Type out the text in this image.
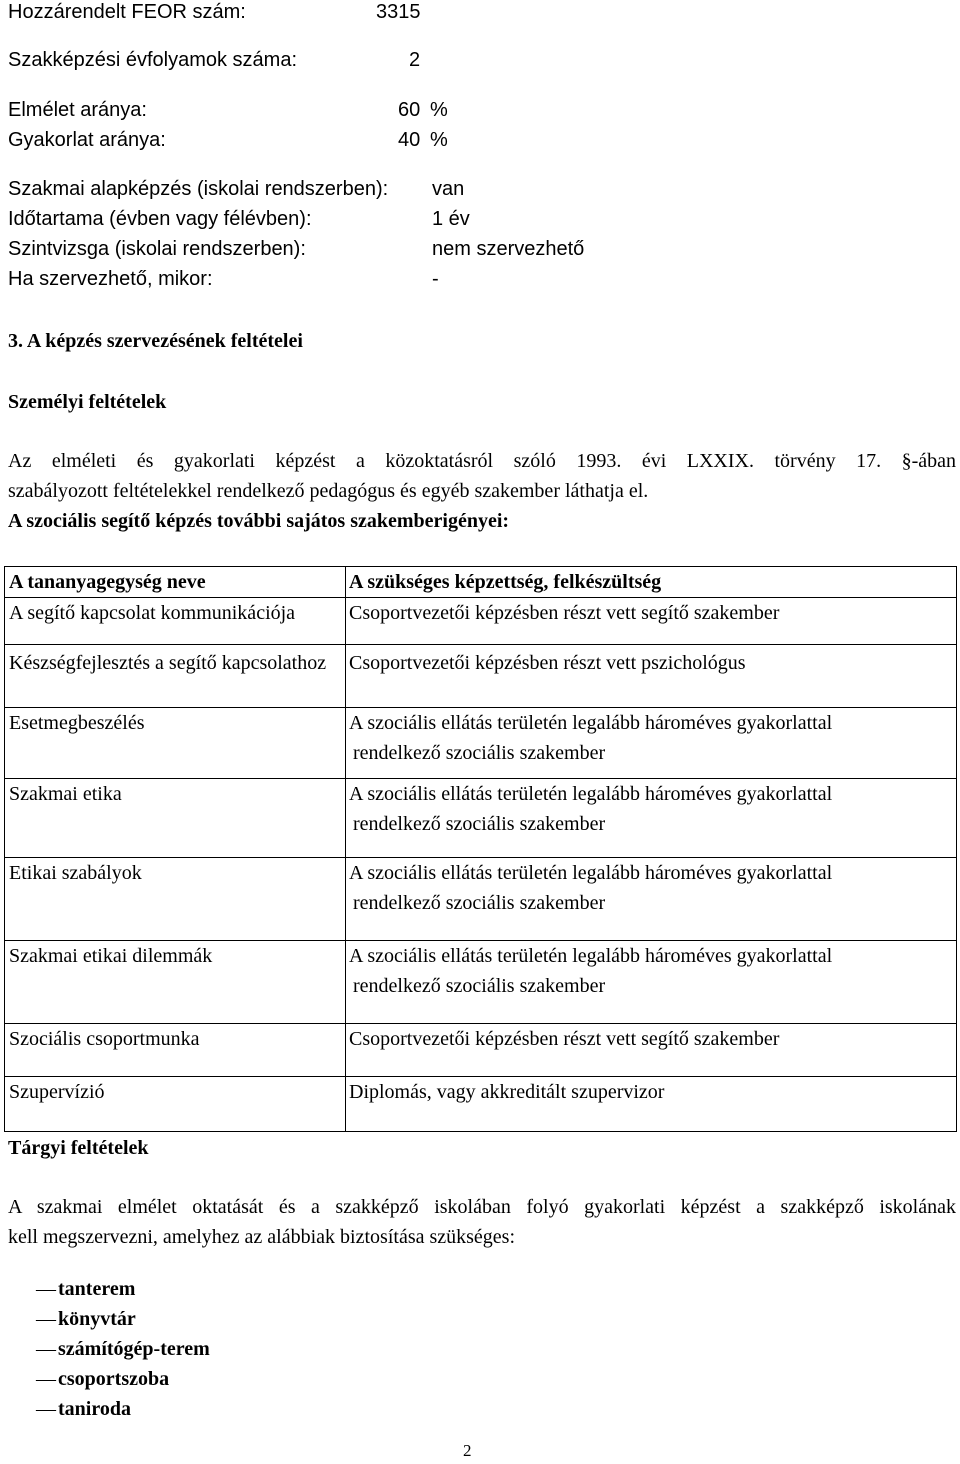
Hozzárendelt FEOR szám:	3315
Szakképzési évfolyamok száma:	2
Elmélet aránya:	60 %
Gyakorlat aránya:	40 %
Szakmai alapképzés (iskolai rendszerben): van
Időtartama (évben vagy félévben):	1 év
Szintvizsga (iskolai rendszerben):	nem szervezhető
Ha szervezhető, mikor:	-
3. A képzés szervezésének feltételei
Személyi feltételek
Az elméleti és gyakorlati képzést a közoktatásról szóló 1993. évi LXXIX. törvény 17. §-ában
szabályozott feltételekkel rendelkező pedagógus és egyéb szakember láthatja el.
A szociális segítő képzés további sajátos szakemberigényei:
A tananyagegység neve	A szükséges képzettség, felkészültség
A segítő kapcsolat kommunikációja	Csoportvezetői képzésben részt vett segítő szakember
Készségfejlesztés a segítő kapcsolathoz	Csoportvezetői képzésben részt vett pszichológus
Esetmegbeszélés	A szociális ellátás területén legalább hároméves gyakorlattal
rendelkező szociális szakember

Szakmai etika	A szociális ellátás területén legalább hároméves gyakorlattal
rendelkező szociális szakember

Etikai szabályok	A szociális ellátás területén legalább hároméves gyakorlattal
rendelkező szociális szakember

Szakmai etikai dilemmák	A szociális ellátás területén legalább hároméves gyakorlattal
rendelkező szociális szakember

Szociális csoportmunka	Csoportvezetői képzésben részt vett segítő szakember
Szupervízió	Diplomás, vagy akkreditált szupervizor
Tárgyi feltételek
A szakmai elmélet oktatását és a szakképző iskolában folyó gyakorlati képzést a szakképző iskolának
kell megszervezni, amelyhez az alábbiak biztosítása szükséges:
— tanterem
— könyvtár
— számítógép-terem
— csoportszoba
— taniroda
2
